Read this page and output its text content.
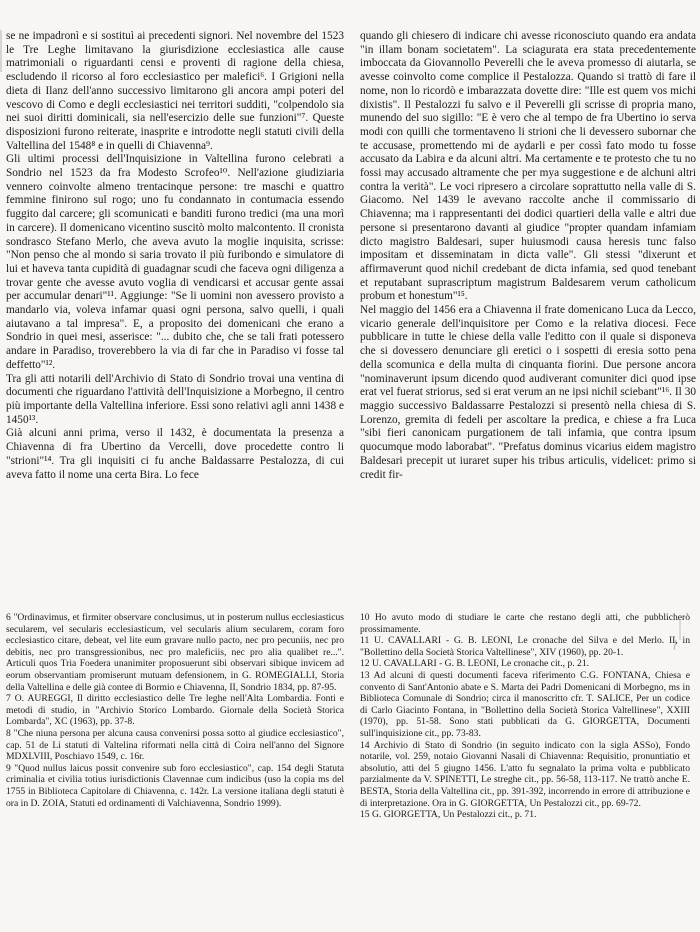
se ne impadronì e si sostituì ai precedenti signori. Nel novembre del 1523 le Tre Leghe limitavano la giurisdizione ecclesiastica alle cause matrimoniali o riguardanti censi e proventi di ragione della chiesa, escludendo il ricorso al foro ecclesiastico per malefici⁶. I Grigioni nella dieta di Ilanz dell'anno successivo limitarono gli ancora ampi poteri del vescovo di Como e degli ecclesiastici nei territori sudditi, "colpendolo sia nei suoi diritti dominicali, sia nell'esercizio delle sue funzioni"⁷. Queste disposizioni furono reiterate, inasprite e introdotte negli statuti civili della Valtellina del 1548⁸ e in quelli di Chiavenna⁹.

Gli ultimi processi dell'Inquisizione in Valtellina furono celebrati a Sondrio nel 1523 da fra Modesto Scrofeo¹⁰. Nell'azione giudiziaria vennero coinvolte almeno trentacinque persone: tre maschi e quattro femmine finirono sul rogo; uno fu condannato in contumacia essendo fuggito dal carcere; gli scomunicati e banditi furono tredici (ma una morì in carcere). Il domenicano vicentino suscitò molto malcontento. Il cronista sondrasco Stefano Merlo, che aveva avuto la moglie inquisita, scrisse: "Non penso che al mondo si saria trovato il più furibondo e simulatore di lui et haveva tanta cupidità di guadagnar scudi che faceva ogni diligenza a trovar gente che avesse avuto voglia di vendicarsi et accusar gente assai per accumular denari"¹¹. Aggiunge: "Se li uomini non avessero provisto a mandarlo via, voleva infamar quasi ogni persona, salvo quelli, i quali aiutavano a tal impresa". E, a proposito dei domenicani che erano a Sondrio in quei mesi, asserisce: "... dubito che, che se tali frati potessero andare in Paradiso, troverebbero la via di far che in Paradiso vi fosse tal deffetto"¹².

Tra gli atti notarili dell'Archivio di Stato di Sondrio trovai una ventina di documenti che riguardano l'attività dell'Inquisizione a Morbegno, il centro più importante della Valtellina inferiore. Essi sono relativi agli anni 1438 e 1450¹³.

Già alcuni anni prima, verso il 1432, è documentata la presenza a Chiavenna di fra Ubertino da Vercelli, dove procedette contro li "strioni"¹⁴. Tra gli inquisiti ci fu anche Baldassarre Pestalozza, di cui aveva fatto il nome una certa Bira. Lo fece

quando gli chiesero di indicare chi avesse riconosciuto quando era andata "in illam bonam societatem". La sciagurata era stata precedentemente imboccata da Giovannollo Peverelli che le aveva promesso di aiutarla, se avesse coinvolto come complice il Pestalozza. Quando si trattò di fare il nome, non lo ricordò e imbarazzata dovette dire: "Ille est quem vos michi dixistis". Il Pestalozzi fu salvo e il Peverelli gli scrisse di propria mano, munendo del suo sigillo: "E è vero che al tempo de fra Ubertino io serva modi con quilli che tormentaveno li strioni che li devessero subornar che te accusase, promettendo mi de aydarli e per cossì fato modo tu fosse accusato da Labira e da alcuni altri. Ma certamente e te protesto che tu no fossi may accusado altramente che per mya suggestione e de alchuni altri contra la verità". Le voci ripresero a circolare soprattutto nella valle di S. Giacomo. Nel 1439 le avevano raccolte anche il commissario di Chiavenna; ma i rappresentanti dei dodici quartieri della valle e altri due persone si presentarono davanti al giudice "propter quandam infamiam dicto magistro Baldesari, super huiusmodi causa heresis tunc falso impositam et disseminatam in dicta valle". Gli stessi "dixerunt et affirmaverunt quod nichil credebant de dicta infamia, sed quod tenebant et reputabant suprascriptum magistrum Baldesarem verum catholicum probum et honestum"¹⁵.

Nel maggio del 1456 era a Chiavenna il frate domenicano Luca da Lecco, vicario generale dell'inquisitore per Como e la relativa diocesi. Fece pubblicare in tutte le chiese della valle l'editto con il quale si disponeva che si dovessero denunciare gli eretici o i sospetti di eresia sotto pena della scomunica e della multa di cinquanta fiorini. Due persone ancora "nominaverunt ipsum dicendo quod audiverant comuniter dici quod ipse erat vel fuerat striorus, sed si erat verum an ne ipsi nichil sciebant"¹⁶. Il 30 maggio successivo Baldassarre Pestalozzi si presentò nella chiesa di S. Lorenzo, gremita di fedeli per ascoltare la predica, e chiese a fra Luca "sibi fieri canonicam purgationem de tali infamia, que contra ipsum quocumque modo laborabat". "Prefatus dominus vicarius eidem magistro Baldesari precepit ut iuraret super his tribus articulis, videlicet: primo si credit fir-

6 "Ordinavimus, et firmiter observare conclusimus, ut in posterum nullus ecclesiasticus secularem, vel secularis ecclesiasticum, vel secularis alium secularem, coram foro ecclesiastico citare, debeat, vel lite eum gravare nullo pacto, nec pro pecuniis, nec pro debitis, nec pro transgressionibus, nec pro maleficiis, nec pro alia qualibet re...". Articuli quos Tria Foedera unanimiter proposuerunt sibi observari sibique invicem ad eorum observantiam promiserunt mutuam defensionem, in G. ROMEGIALLI, Storia della Valtellina e delle già contee di Bormio e Chiavenna, II, Sondrio 1834, pp. 87-95.

7 O. AUREGGI, Il diritto ecclesiastico delle Tre leghe nell'Alta Lombardia. Fonti e metodi di studio, in "Archivio Storico Lombardo. Giornale della Società Storica Lombarda", XC (1963), pp. 37-8.

8 "Che niuna persona per alcuna causa convenirsi possa sotto al giudice ecclesiastico", cap. 51 de Li statuti di Valtelina riformati nella città di Coira nell'anno del Signore MDXLVIII, Poschiavo 1549, c. 16r.

9 "Quod nullus laicus possit convenire sub foro ecclesiastico", cap. 154 degli Statuta criminalia et civilia totius iurisdictionis Clavennae cum indicibus (uso la copia ms del 1755 in Biblioteca Capitolare di Chiavenna, c. 142r. La versione italiana degli statuti è ora in D. ZOIA, Statuti ed ordinamenti di Valchiavenna, Sondrio 1999).

10 Ho avuto modo di studiare le carte che restano degli atti, che pubblicherò prossimamente.

11 U. CAVALLARI - G. B. LEONI, Le cronache del Silva e del Merlo. II, in "Bollettino della Società Storica Valtellinese", XIV (1960), pp. 20-1.

12 U. CAVALLARI - G. B. LEONI, Le cronache cit., p. 21.

13 Ad alcuni di questi documenti faceva riferimento C.G. FONTANA, Chiesa e convento di Sant'Antonio abate e S. Marta dei Padri Domenicani di Morbegno, ms in Biblioteca Comunale di Sondrio; circa il manoscritto cfr. T. SALICE, Per un codice di Carlo Giacinto Fontana, in "Bollettino della Società Storica Valtellinese", XXIII (1970), pp. 51-58. Sono stati pubblicati da G. GIORGETTA, Documenti sull'inquisizione cit., pp. 73-83.

14 Archivio di Stato di Sondrio (in seguito indicato con la sigla ASSo), Fondo notarile, vol. 259, notaio Giovanni Nasali di Chiavenna: Requisitio, pronuntiatio et absolutio, atti del 5 giugno 1456. L'atto fu segnalato la prima volta e pubblicato parzialmente da V. SPINETTI, Le streghe cit., pp. 56-58, 113-117. Ne trattò anche E. BESTA, Storia della Valtellina cit., pp. 391-392, incorrendo in errore di attribuzione e di interpretazione. Ora in G. GIORGETTA, Un Pestalozzi cit., pp. 69-72.

15 G. GIORGETTA, Un Pestalozzi cit., p. 71.
